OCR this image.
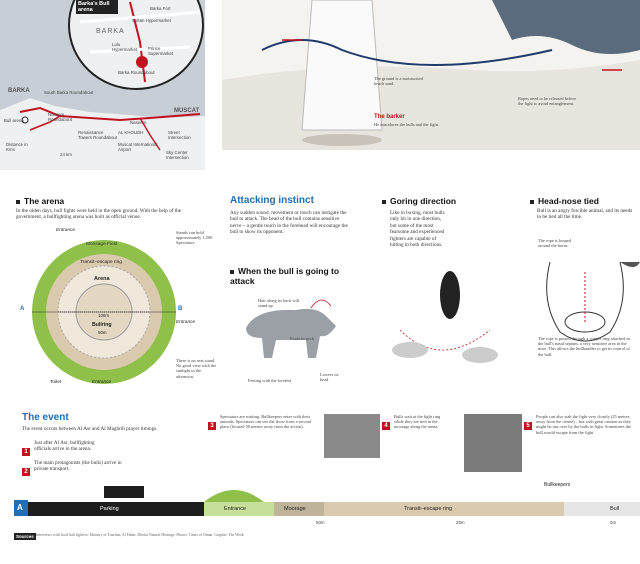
Barka's Bull arena	Barka Fort
Sultan Hypermarket
BARKA
Lulu Hypermarket	Prince Supermarket
Barka Roundabout
BARKA	South Barka Roundabout
Bull arena
Nassem Roundabout
Naseem
AL KHOUDH
MUSCAT
Renaissance Towers Roundabout
Muscat International Airport
Street Intersection
Sky Center Intersection
Distance in Kms
24 km
The ground is a moisturised beach sand.
Ropes need to be released before the fight to avoid entanglement.
The barker
He introduces the bulls and the fight.
The arena
In the olden days, bull fights were held in the open ground. With the help of the government, a bullfighting arena was built as official venue.
Entrance
Moosage Field
Transit–escape ring
Arena
100m
Bullring
50m
A	B
Entrance
Entrance
Toilet
Stands can hold approximately 1,500 Spectators.
There is no seat stand. No good view with the sunlight in the afternoon.
Attacking instinct
Any sudden sound, movement or touch can instigate the bull to attack. The head of the bull contains sensitive nerve – a gentle touch in the forehead will encourage the bull to show its opponent.
When the bull is going to attack
Hair along its back will stand up
Foam in neck
Feeting with the forefeet
Lowers its head
Goring direction
Like in boxing, most bulls only hit in one direction, but some of the most fearsome and experienced fighters are capable of hitting in both directions.
Head-nose tied
Bull is an angry forcible animal, and its needs to be tied all the time.
The rope is looped around the horns
The rope is passed through a copper ring attached in the bull's nasal septum, a very sensitive area in the nose. This allows the bullhandler to get in control of the bull.
The event
The event occurs between Al Asr and Al Maghrib prayer timings.
1
Just after Al Asr, bullfighting officials arrive in the arena.
2
The main protagonists (the bulls) arrive in private transport.
3
Spectators are waiting. Bullkeepers enter with their animals. Spectators can see the show from a second place (located 50 metres away from the action).	4
Bulls wait at the fight ring while they are tied in the moorage along the arena.	5
People can also stab the fight very closely (25 metres away from the centre) – but with great caution as they might be run over by the bulls in fight. Sometimes the bull would escape from the fight.
A	Parking	Entrance	Moorage	Transit–escape ring
Bullkeepers
Bull
50m	25m	0m
Sources Interviews with local bull fighters; Ministry of Tourism; Al Fahm; Dhofar Natural Heritage. Photos: Times of Oman. Graphic: The Week
